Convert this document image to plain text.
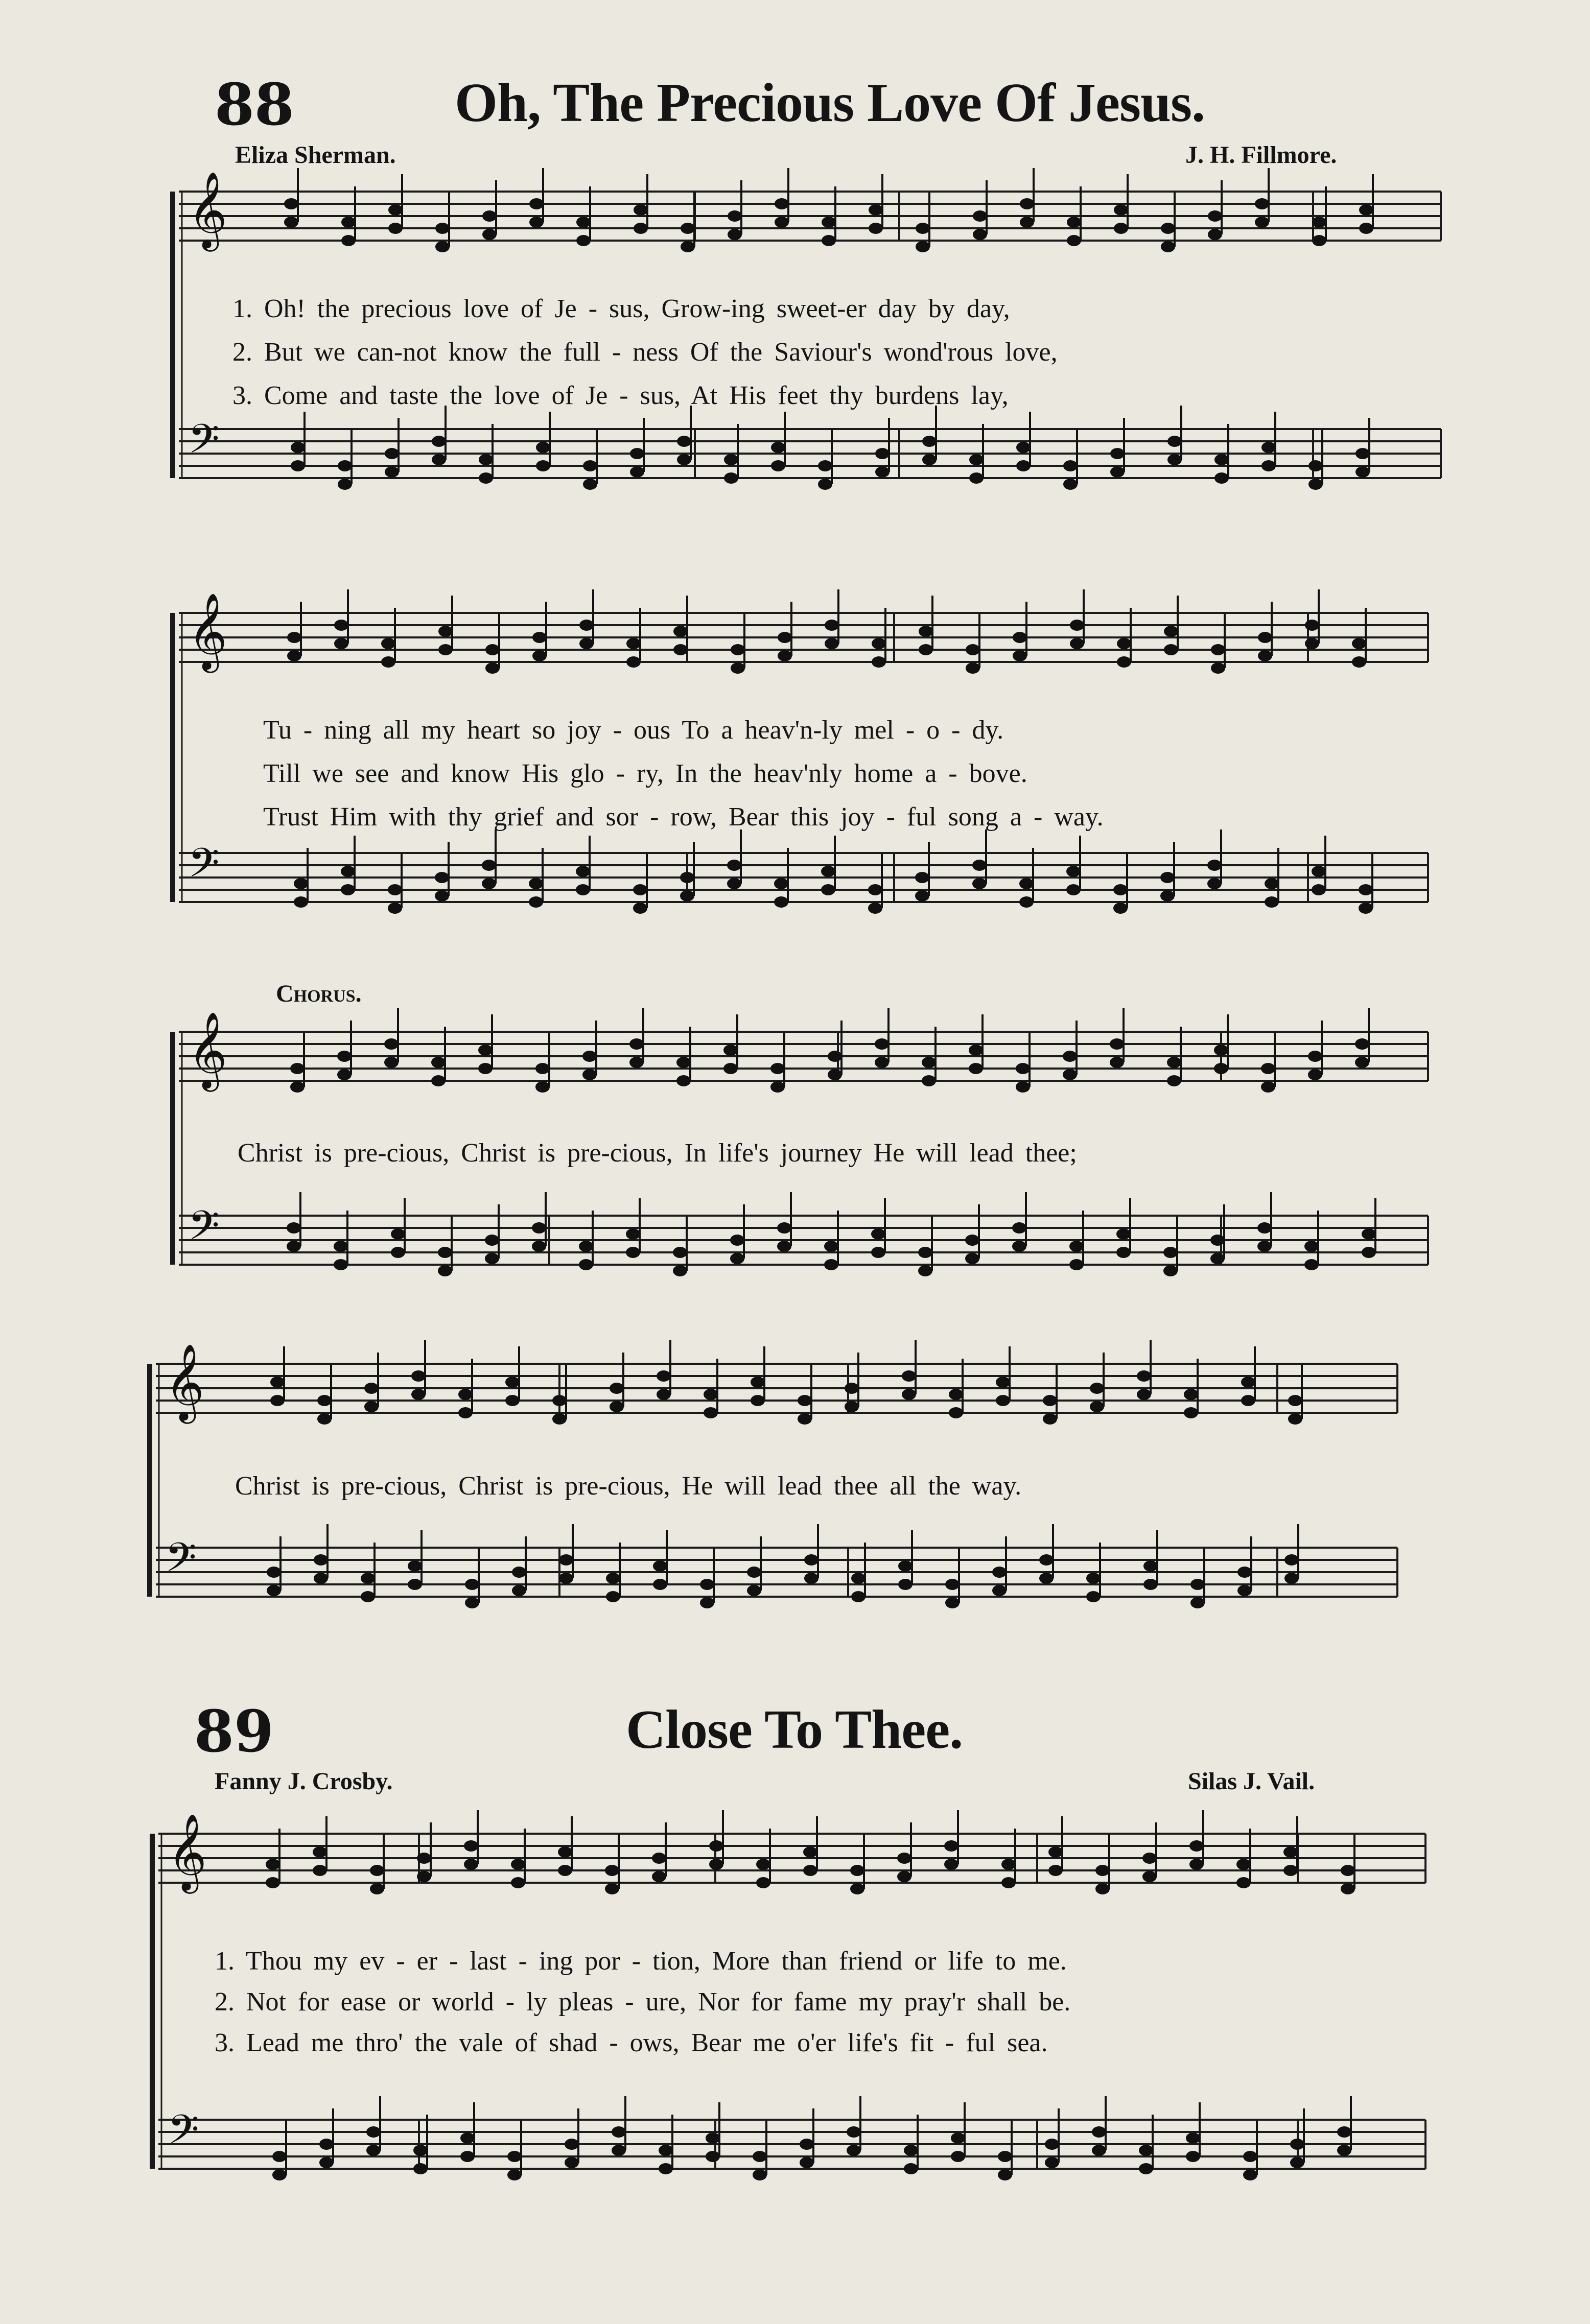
88	Oh, The Precious Love Of Jesus.
Eliza Sherman.	J. H. Fillmore.
𝄞
𝄢
𝄞
𝄢
𝄞
𝄢
𝄞
𝄢
𝄞
𝄢
1. Oh! the precious love of Je - sus, Grow-ing sweet-er day by day,
2. But we can-not know the full - ness Of the Saviour's wond'rous love,
3. Come and taste the love of Je - sus, At His feet thy burdens lay,
Tu - ning all my heart so joy - ous To a heav'n-ly mel - o - dy.
Till we see and know His glo - ry, In the heav'nly home a - bove.
Trust Him with thy grief and sor - row, Bear this joy - ful song a - way.
Chorus.
Christ is pre-cious, Christ is pre-cious, In life's journey He will lead thee;
Christ is pre-cious, Christ is pre-cious, He will lead thee all the way.
89	Close To Thee.
Fanny J. Crosby.	Silas J. Vail.
1. Thou my ev - er - last - ing por - tion, More than friend or life to me.
2. Not for ease or world - ly pleas - ure, Nor for fame my pray'r shall be.
3. Lead me thro' the vale of shad - ows, Bear me o'er life's fit - ful sea.
